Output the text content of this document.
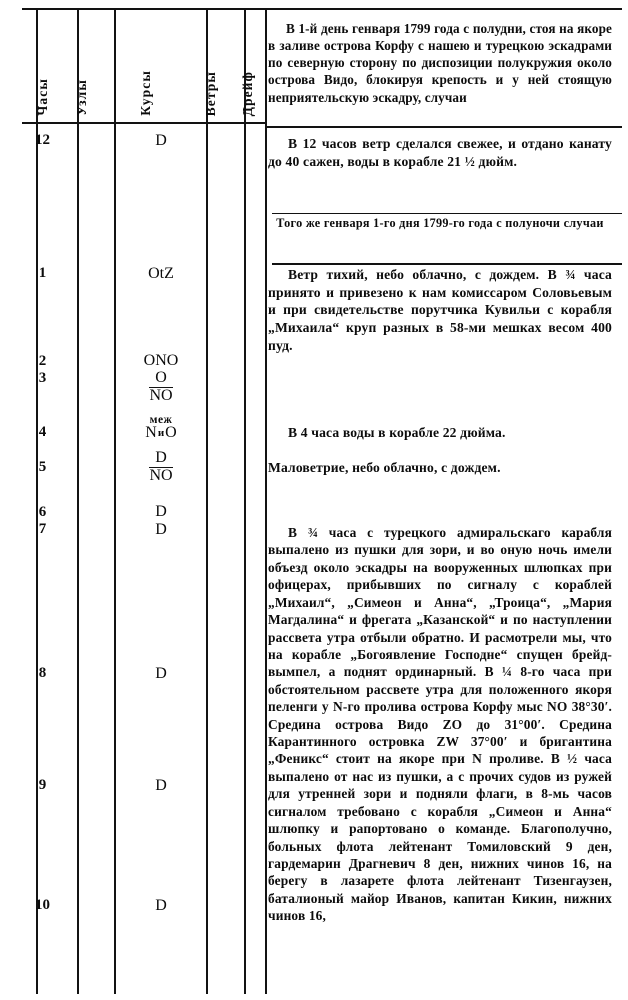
Часы Узлы	Курсы	Ветры Дрейф
В 1-й день генваря 1799 года с полудни, стоя на якоре в заливе острова Корфу с нашею и турецкою эскадрами по северную сторону по диспозиции полукружия около острова Видо, блокируя крепость и у ней стоящую неприятельскую эскадру, случаи
Того же генваря 1-го дня 1799-го года с полуночи случаи
12
1
2
3
4
5
6
7
8
9
10
D
OtZ
ONO
$\frac{O}{NO}$
меж
NиO
$\frac{D}{NO}$
D
D
D
D
D
В 12 часов ветр сделался свежее, и отдано канату до 40 сажен, воды в корабле 21 ½ дюйм.
Ветр тихий, небо облачно, с дождем. В ¾ часа принято и привезено к нам комиссаром Соловьевым и при свидетельстве порутчика Кувильи с корабля „Михаила“ круп разных в 58-ми мешках весом 400 пуд.
В 4 часа воды в корабле 22 дюйма.
Маловетрие, небо облачно, с дождем.
В ¾ часа с турецкого адмиральскаго карабля выпалено из пушки для зори, и во оную ночь имели объезд около эскадры на вооруженных шлюпках при офицерах, прибывших по сигналу с кораблей „Михаил“, „Симеон и Анна“, „Троица“, „Мария Магдалина“ и фрегата „Казанской“ и по наступлении рассвета утра отбыли обратно. И расмотрели мы, что на корабле „Богоявление Господне“ спущен брейд-вымпел, а поднят ординарный. В ¼ 8-го часа при обстоятельном рассвете утра для положенного якоря пеленги у N-го пролива острова Корфу мыс NO 38°30′. Средина острова Видо ZO до 31°00′. Средина Карантинного островка ZW 37°00′ и бригантина „Феникс“ стоит на якоре при N проливе. В ½ часа выпалено от нас из пушки, а с прочих судов из ружей для утренней зори и подняли флаги, в 8-мь часов сигналом требовано с корабля „Симеон и Анна“ шлюпку и рапортовано о команде. Благополучно, больных флота лейтенант Томиловский 9 ден, гардемарин Драгневич 8 ден, нижних чинов 16, на берегу в лазарете флота лейтенант Тизенгаузен, баталионый майор Иванов, капитан Кикин, нижних чинов 16,
